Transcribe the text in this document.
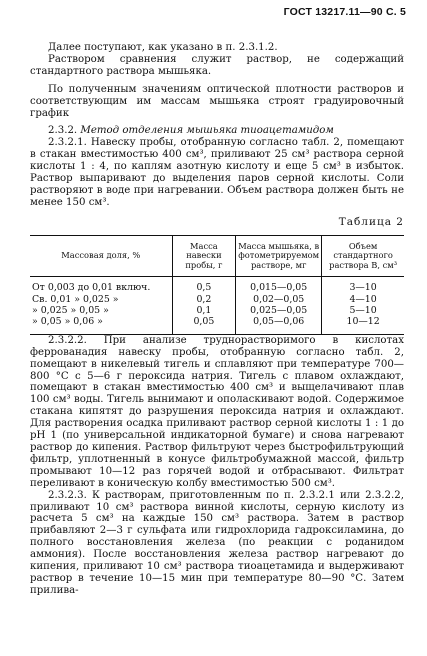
ГОСТ 13217.11—90 С. 5

Далее поступают, как указано в п. 2.3.1.2.

Раствором сравнения служит раствор, не содержащий стандартного раствора мышьяка.

По полученным значениям оптической плотности растворов и соответствующим им массам мышьяка строят градуировочный график

2.3.2. Метод отделения мышьяка тиоацетамидом

2.3.2.1. Навеску пробы, отобранную согласно табл. 2, помещают в стакан вместимостью 400 см³, приливают 25 см³ раствора серной кислоты 1 : 4, по каплям азотную кислоту и еще 5 см³ в избыток. Раствор выпаривают до выделения паров серной кислоты. Соли растворяют в воде при нагревании. Объем раствора должен быть не менее 150 см³.

Таблица 2
Массовая доля, %	Масса навески пробы, г	Масса мышьяка, в фотометрируемом растворе, мг	Объем стандартного раствора В, см³
От 0,003 до 0,01 включ.	0,5	0,015—0,05	3—10
Св. 0,01 » 0,025 »	0,2	0,02—0,05	4—10
» 0,025 » 0,05 »	0,1	0,025—0,05	5—10
» 0,05 » 0,06 »	0,05	0,05—0,06	10—12

2.3.2.2. При анализе труднорастворимого в кислотах феррованадия навеску пробы, отобранную согласно табл. 2, помещают в никелевый тигель и сплавляют при температуре 700—800 °С с 5—6 г пероксида натрия. Тигель с плавом охлаждают, помещают в стакан вместимостью 400 см³ и выщелачивают плав 100 см³ воды. Тигель вынимают и ополаскивают водой. Содержимое стакана кипятят до разрушения пероксида натрия и охлаждают. Для растворения осадка приливают раствор серной кислоты 1 : 1 до рН 1 (по универсальной индикаторной бумаге) и снова нагревают раствор до кипения. Раствор фильтруют через быстрофильтрующий фильтр, уплотненный в конусе фильтробумажной массой, фильтр промывают 10—12 раз горячей водой и отбрасывают. Фильтрат переливают в коническую колбу вместимостью 500 см³.

2.3.2.3. К растворам, приготовленным по п. 2.3.2.1 или 2.3.2.2, приливают 10 см³ раствора винной кислоты, серную кислоту из расчета 5 см³ на каждые 150 см³ раствора. Затем в раствор прибавляют 2—3 г сульфата или гидрохлорида гадроксиламина, до полного восстановления железа (по реакции с роданидом аммония). После восстановления железа раствор нагревают до кипения, приливают 10 см³ раствора тиоацетамида и выдерживают раствор в течение 10—15 мин при температуре 80—90 °С. Затем прилива-
